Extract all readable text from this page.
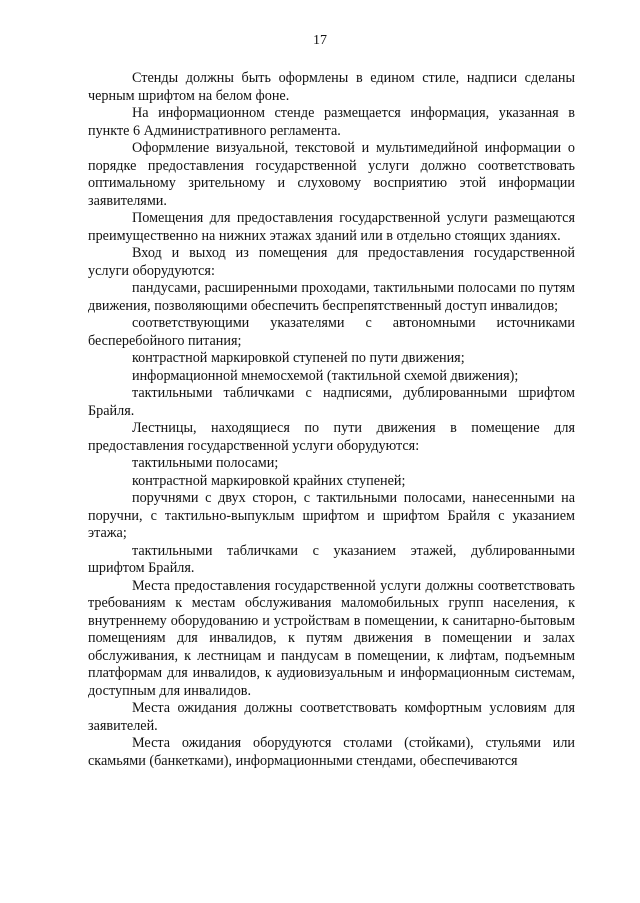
17

Стенды должны быть оформлены в едином стиле, надписи сделаны черным шрифтом на белом фоне.

На информационном стенде размещается информация, указанная в пункте 6 Административного регламента.

Оформление визуальной, текстовой и мультимедийной информации о порядке предоставления государственной услуги должно соответствовать оптимальному зрительному и слуховому восприятию этой информации заявителями.

Помещения для предоставления государственной услуги размещаются преимущественно на нижних этажах зданий или в отдельно стоящих зданиях.

Вход и выход из помещения для предоставления государственной услуги оборудуются:

пандусами, расширенными проходами, тактильными полосами по путям движения, позволяющими обеспечить беспрепятственный доступ инвалидов;

соответствующими указателями с автономными источниками бесперебойного питания;

контрастной маркировкой ступеней по пути движения;

информационной мнемосхемой (тактильной схемой движения);

тактильными табличками с надписями, дублированными шрифтом Брайля.

Лестницы, находящиеся по пути движения в помещение для предоставления государственной услуги оборудуются:

тактильными полосами;

контрастной маркировкой крайних ступеней;

поручнями с двух сторон, с тактильными полосами, нанесенными на поручни, с тактильно-выпуклым шрифтом и шрифтом Брайля с указанием этажа;

тактильными табличками с указанием этажей, дублированными шрифтом Брайля.

Места предоставления государственной услуги должны соответствовать требованиям к местам обслуживания маломобильных групп населения, к внутреннему оборудованию и устройствам в помещении, к санитарно-бытовым помещениям для инвалидов, к путям движения в помещении и залах обслуживания, к лестницам и пандусам в помещении, к лифтам, подъемным платформам для инвалидов, к аудиовизуальным и информационным системам, доступным для инвалидов.

Места ожидания должны соответствовать комфортным условиям для заявителей.

Места ожидания оборудуются столами (стойками), стульями или скамьями (банкетками), информационными стендами, обеспечиваются
